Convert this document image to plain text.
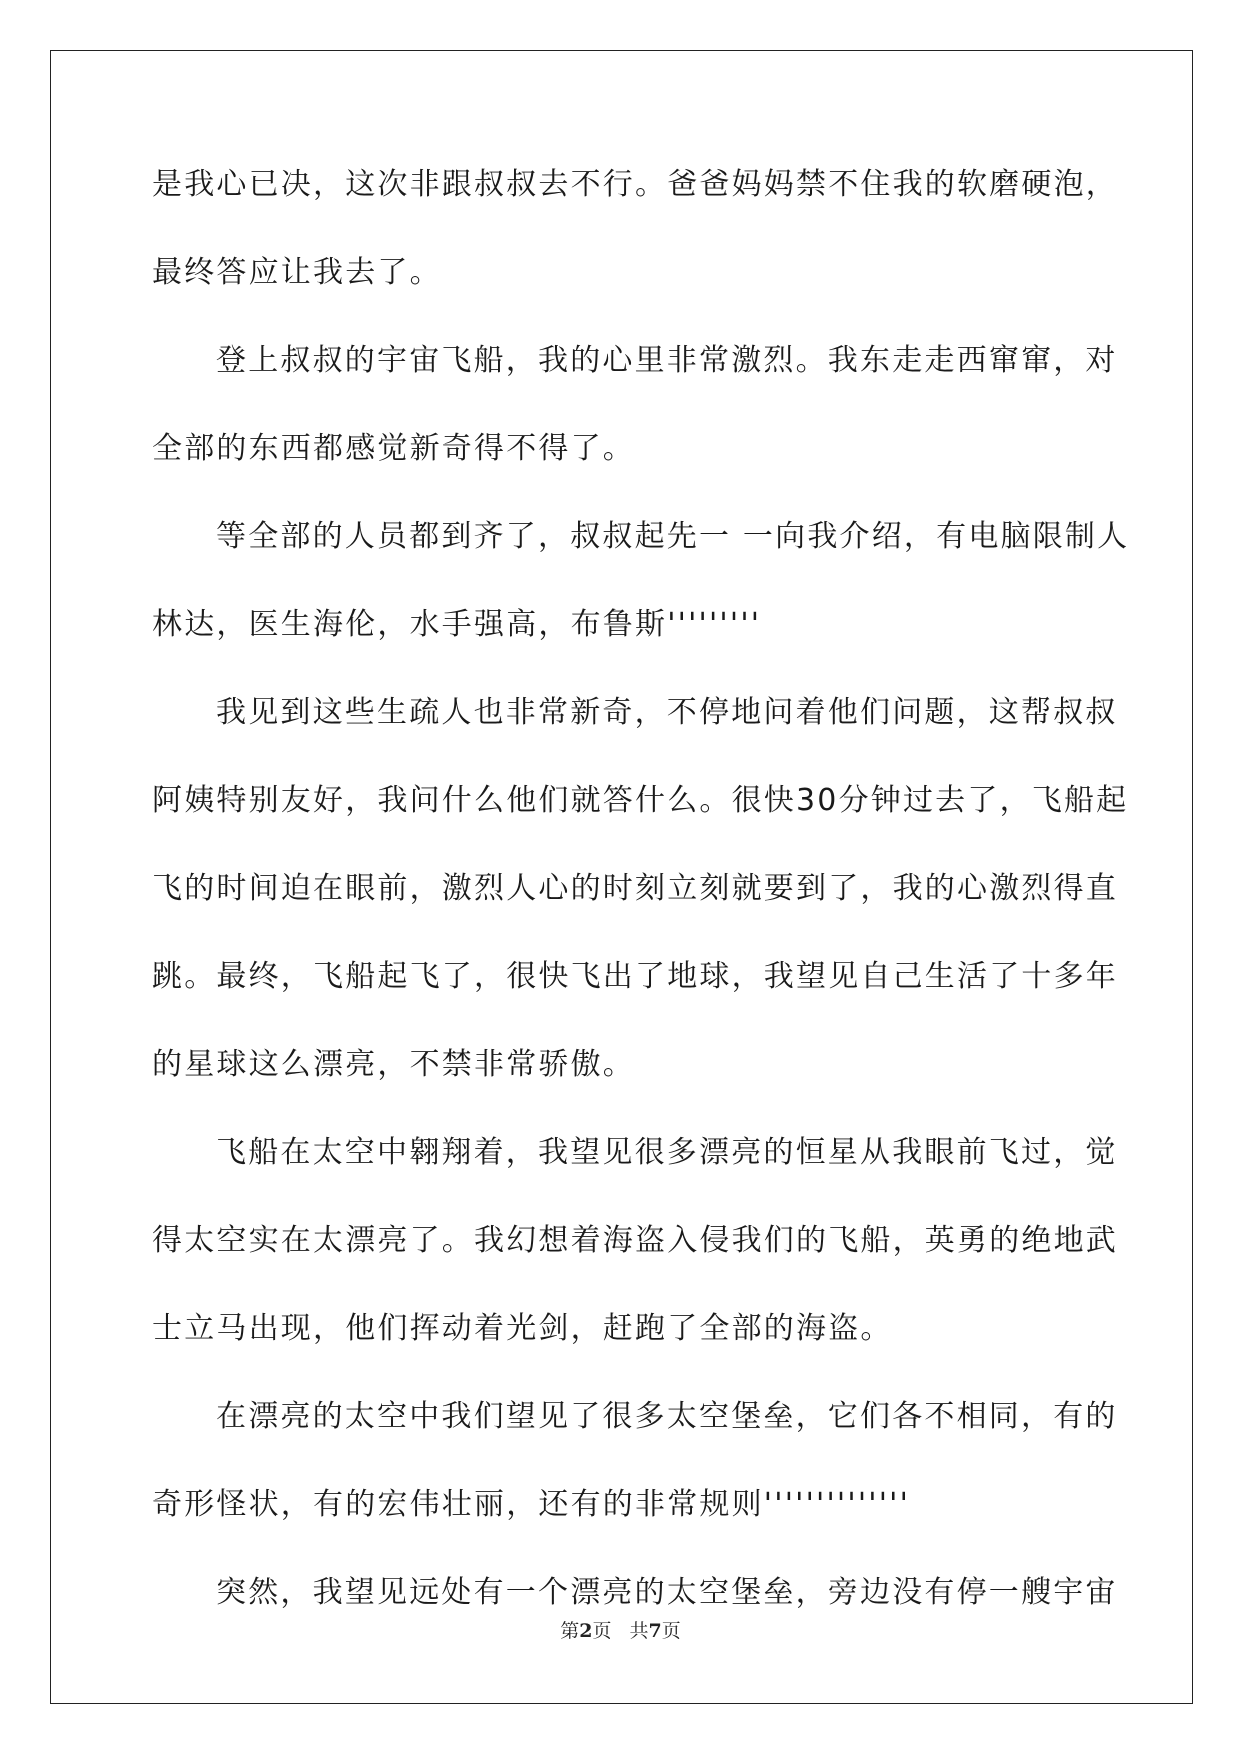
是我心已决，这次非跟叔叔去不行。爸爸妈妈禁不住我的软磨硬泡，
最终答应让我去了。
登上叔叔的宇宙飞船，我的心里非常激烈。我东走走西窜窜，对
全部的东西都感觉新奇得不得了。
等全部的人员都到齐了，叔叔起先一 一向我介绍，有电脑限制人
林达，医生海伦，水手强高，布鲁斯'''''''''
我见到这些生疏人也非常新奇，不停地问着他们问题，这帮叔叔
阿姨特别友好，我问什么他们就答什么。很快30分钟过去了，飞船起
飞的时间迫在眼前，激烈人心的时刻立刻就要到了，我的心激烈得直
跳。最终，飞船起飞了，很快飞出了地球，我望见自己生活了十多年
的星球这么漂亮，不禁非常骄傲。
飞船在太空中翱翔着，我望见很多漂亮的恒星从我眼前飞过，觉
得太空实在太漂亮了。我幻想着海盗入侵我们的飞船，英勇的绝地武
士立马出现，他们挥动着光剑，赶跑了全部的海盗。
在漂亮的太空中我们望见了很多太空堡垒，它们各不相同，有的
奇形怪状，有的宏伟壮丽，还有的非常规则''''''''''''''
突然，我望见远处有一个漂亮的太空堡垒，旁边没有停一艘宇宙
第2页 共7页
